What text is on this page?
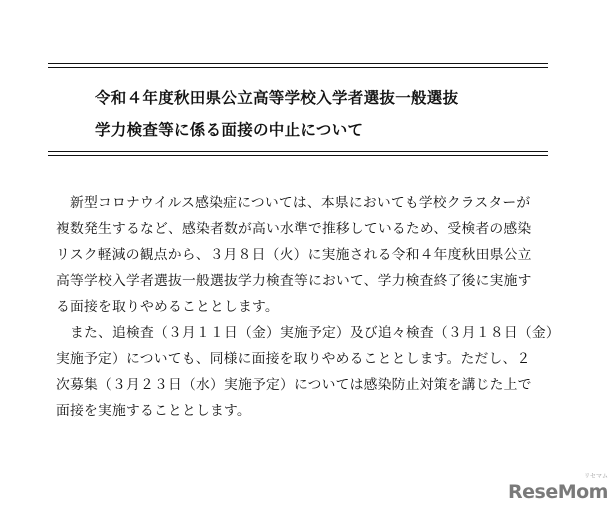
令和４年度秋田県公立高等学校入学者選抜一般選抜
学力検査等に係る面接の中止について
　新型コロナウイルス感染症については、本県においても学校クラスターが
複数発生するなど、感染者数が高い水準で推移しているため、受検者の感染
リスク軽減の観点から、３月８日（火）に実施される令和４年度秋田県公立
高等学校入学者選抜一般選抜学力検査等において、学力検査終了後に実施す
る面接を取りやめることとします。
　また、追検査（３月１１日（金）実施予定）及び追々検査（３月１８日（金）
実施予定）についても、同様に面接を取りやめることとします。ただし、２
次募集（３月２３日（水）実施予定）については感染防止対策を講じた上で
面接を実施することとします。
リセマム
ReseMom
